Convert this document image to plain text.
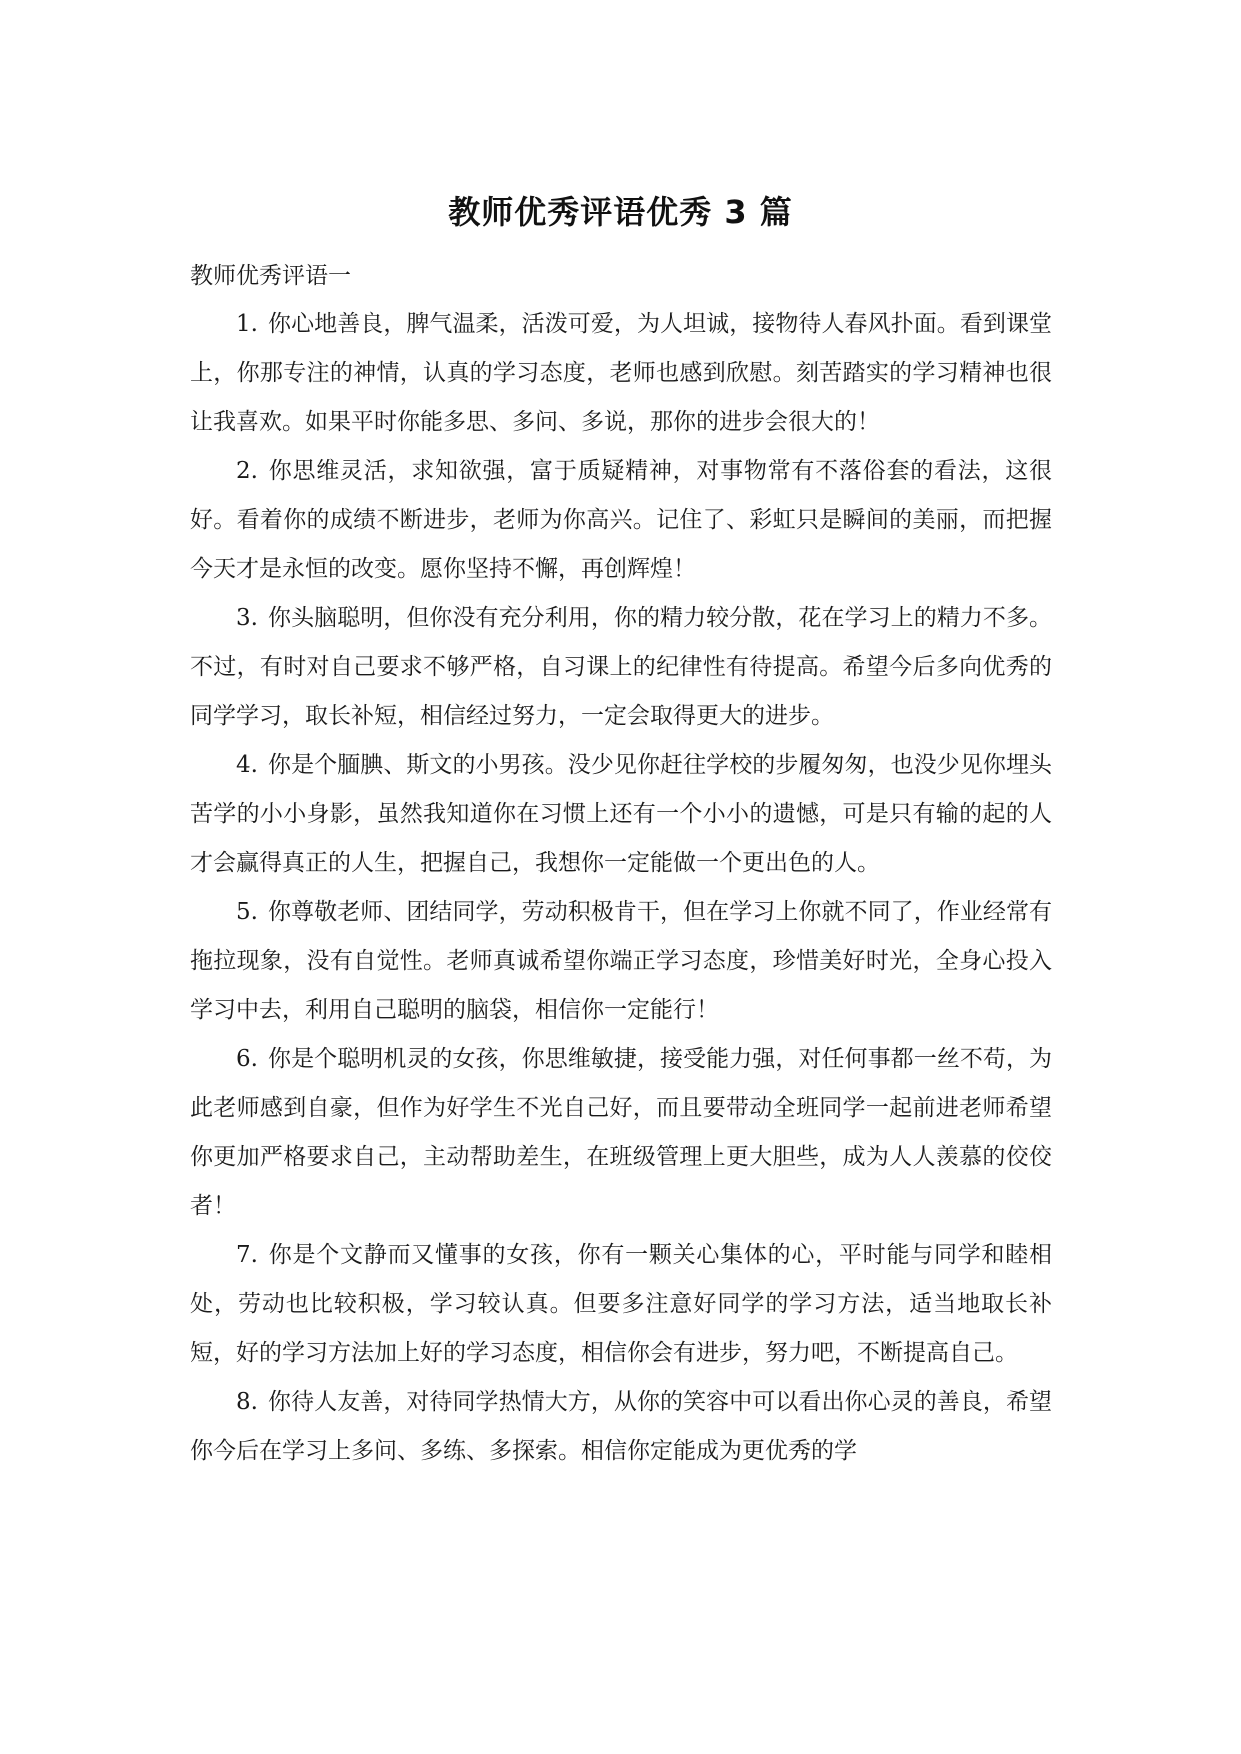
教师优秀评语优秀 3 篇
教师优秀评语一

1. 你心地善良，脾气温柔，活泼可爱，为人坦诚，接物待人春风扑面。看到课堂上，你那专注的神情，认真的学习态度，老师也感到欣慰。刻苦踏实的学习精神也很让我喜欢。如果平时你能多思、多问、多说，那你的进步会很大的！

2. 你思维灵活，求知欲强，富于质疑精神，对事物常有不落俗套的看法，这很好。看着你的成绩不断进步，老师为你高兴。记住了、彩虹只是瞬间的美丽，而把握今天才是永恒的改变。愿你坚持不懈，再创辉煌！

3. 你头脑聪明，但你没有充分利用，你的精力较分散，花在学习上的精力不多。不过，有时对自己要求不够严格，自习课上的纪律性有待提高。希望今后多向优秀的同学学习，取长补短，相信经过努力，一定会取得更大的进步。

4. 你是个腼腆、斯文的小男孩。没少见你赶往学校的步履匆匆，也没少见你埋头苦学的小小身影，虽然我知道你在习惯上还有一个小小的遗憾，可是只有输的起的人才会赢得真正的人生，把握自己，我想你一定能做一个更出色的人。

5. 你尊敬老师、团结同学，劳动积极肯干，但在学习上你就不同了，作业经常有拖拉现象，没有自觉性。老师真诚希望你端正学习态度，珍惜美好时光，全身心投入学习中去，利用自己聪明的脑袋，相信你一定能行！

6. 你是个聪明机灵的女孩，你思维敏捷，接受能力强，对任何事都一丝不苟，为此老师感到自豪，但作为好学生不光自己好，而且要带动全班同学一起前进老师希望你更加严格要求自己，主动帮助差生，在班级管理上更大胆些，成为人人羡慕的佼佼者！

7. 你是个文静而又懂事的女孩，你有一颗关心集体的心，平时能与同学和睦相处，劳动也比较积极，学习较认真。但要多注意好同学的学习方法，适当地取长补短，好的学习方法加上好的学习态度，相信你会有进步，努力吧，不断提高自己。

8. 你待人友善，对待同学热情大方，从你的笑容中可以看出你心灵的善良，希望你今后在学习上多问、多练、多探索。相信你定能成为更优秀的学
